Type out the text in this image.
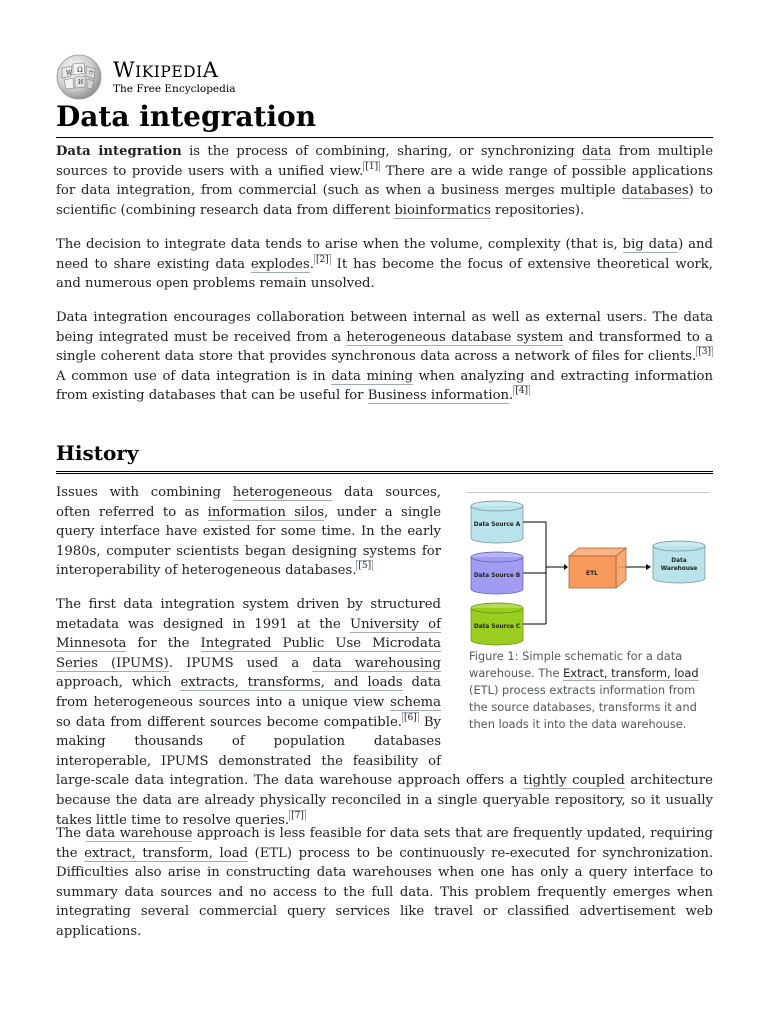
Ω
W
И
ウ WIKIPEDIA
The Free Encyclopedia
Data integration

Data integration is the process of combining, sharing, or synchronizing data from multiple sources to provide users with a unified view. [1] There are a wide range of possible applications for data integration, from commercial (such as when a business merges multiple databases) to scientific (combining research data from different bioinformatics repositories).

The decision to integrate data tends to arise when the volume, complexity (that is, big data) and need to share existing data explodes. [2] It has become the focus of extensive theoretical work, and numerous open problems remain unsolved.

Data integration encourages collaboration between internal as well as external users. The data being integrated must be received from a heterogeneous database system and transformed to a single coherent data store that provides synchronous data across a network of files for clients. [3] A common use of data integration is in data mining when analyzing and extracting information from existing databases that can be useful for Business information. [4]

History

Issues with combining heterogeneous data sources, often referred to as information silos, under a single query interface have existed for some time. In the early 1980s, computer scientists began designing systems for interoperability of heterogeneous databases. [5]

The first data integration system driven by structured metadata was designed in 1991 at the University of Minnesota for the Integrated Public Use Microdata Series (IPUMS). IPUMS used a data warehousing approach, which extracts, transforms, and loads data from heterogeneous sources into a unique view schema so data from different sources become compatible. [6] By making thousands of population databases interoperable, IPUMS demonstrated the feasibility of large-scale data integration. The data warehouse approach offers a tightly coupled architecture because the data are already physically reconciled in a single queryable repository, so it usually takes little time to resolve queries. [7]

The data warehouse approach is less feasible for data sets that are frequently updated, requiring the extract, transform, load (ETL) process to be continuously re-executed for synchronization. Difficulties also arise in constructing data warehouses when one has only a query interface to summary data sources and no access to the full data. This problem frequently emerges when integrating several commercial query services like travel or classified advertisement web applications.

Data Source A
Data Source B
Data Source C
ETL
Data
Warehouse
Figure 1: Simple schematic for a data warehouse. The Extract, transform, load (ETL) process extracts information from the source databases, transforms it and then loads it into the data warehouse.
